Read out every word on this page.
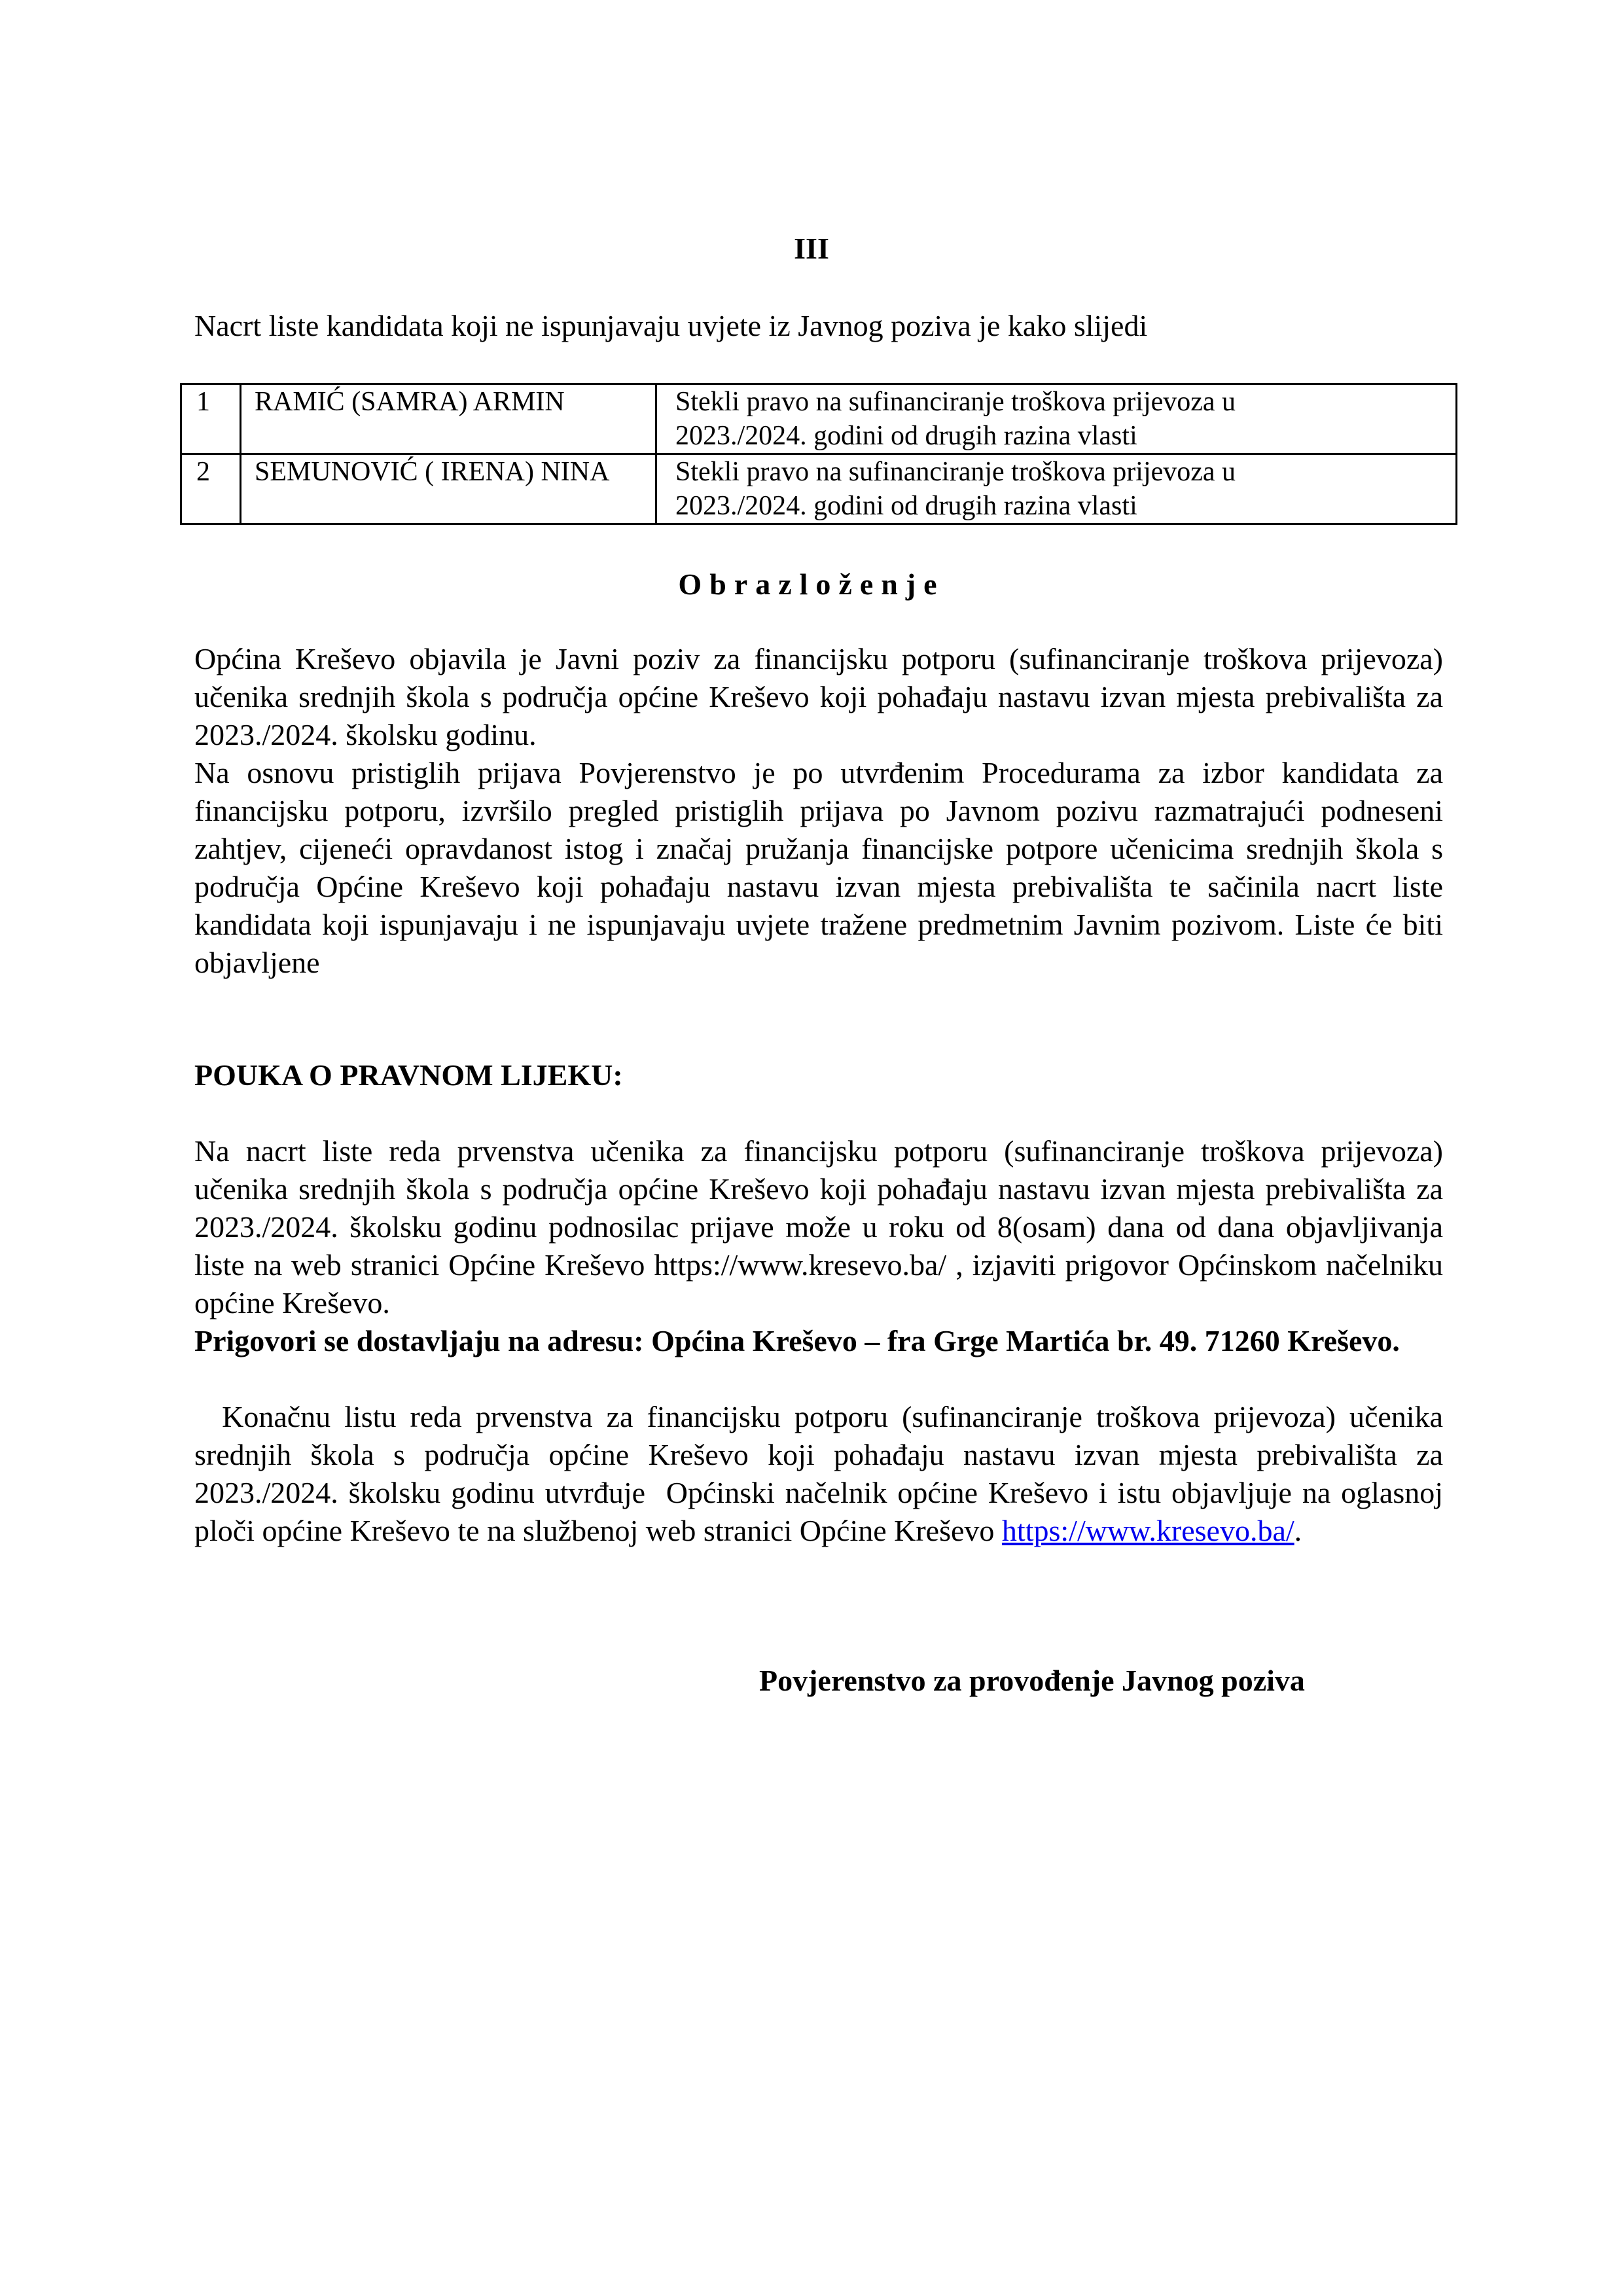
III
Nacrt liste kandidata koji ne ispunjavaju uvjete iz Javnog poziva je kako slijedi
1	RAMIĆ (SAMRA) ARMIN	Stekli pravo na sufinanciranje troškova prijevoza u
2023./2024. godini od drugih razina vlasti

2	SEMUNOVIĆ ( IRENA) NINA	Stekli pravo na sufinanciranje troškova prijevoza u
2023./2024. godini od drugih razina vlasti
Obrazloženje
Općina Kreševo objavila je Javni poziv za financijsku potporu (sufinanciranje troškova prijevoza) učenika srednjih škola s područja općine Kreševo koji pohađaju nastavu izvan mjesta prebivališta za 2023./2024. školsku godinu.
Na osnovu pristiglih prijava Povjerenstvo je po utvrđenim Procedurama za izbor kandidata za financijsku potporu, izvršilo pregled pristiglih prijava po Javnom pozivu razmatrajući podneseni zahtjev, cijeneći opravdanost istog i značaj pružanja financijske potpore učenicima srednjih škola s područja Općine Kreševo koji pohađaju nastavu izvan mjesta prebivališta te sačinila nacrt liste kandidata koji ispunjavaju i ne ispunjavaju uvjete tražene predmetnim Javnim pozivom. Liste će biti objavljene
POUKA O PRAVNOM LIJEKU:
Na nacrt liste reda prvenstva učenika za financijsku potporu (sufinanciranje troškova prijevoza) učenika srednjih škola s područja općine Kreševo koji pohađaju nastavu izvan mjesta prebivališta za 2023./2024. školsku godinu podnosilac prijave može u roku od 8(osam) dana od dana objavljivanja liste na web stranici Općine Kreševo https://www.kresevo.ba/ , izjaviti prigovor Općinskom načelniku općine Kreševo.
Prigovori se dostavljaju na adresu: Općina Kreševo – fra Grge Martića br. 49. 71260 Kreševo.
Konačnu listu reda prvenstva za financijsku potporu (sufinanciranje troškova prijevoza) učenika srednjih škola s područja općine Kreševo koji pohađaju nastavu izvan mjesta prebivališta za 2023./2024. školsku godinu utvrđuje  Općinski načelnik općine Kreševo i istu objavljuje na oglasnoj ploči općine Kreševo te na službenoj web stranici Općine Kreševo https://www.kresevo.ba/.
Povjerenstvo za provođenje Javnog poziva
